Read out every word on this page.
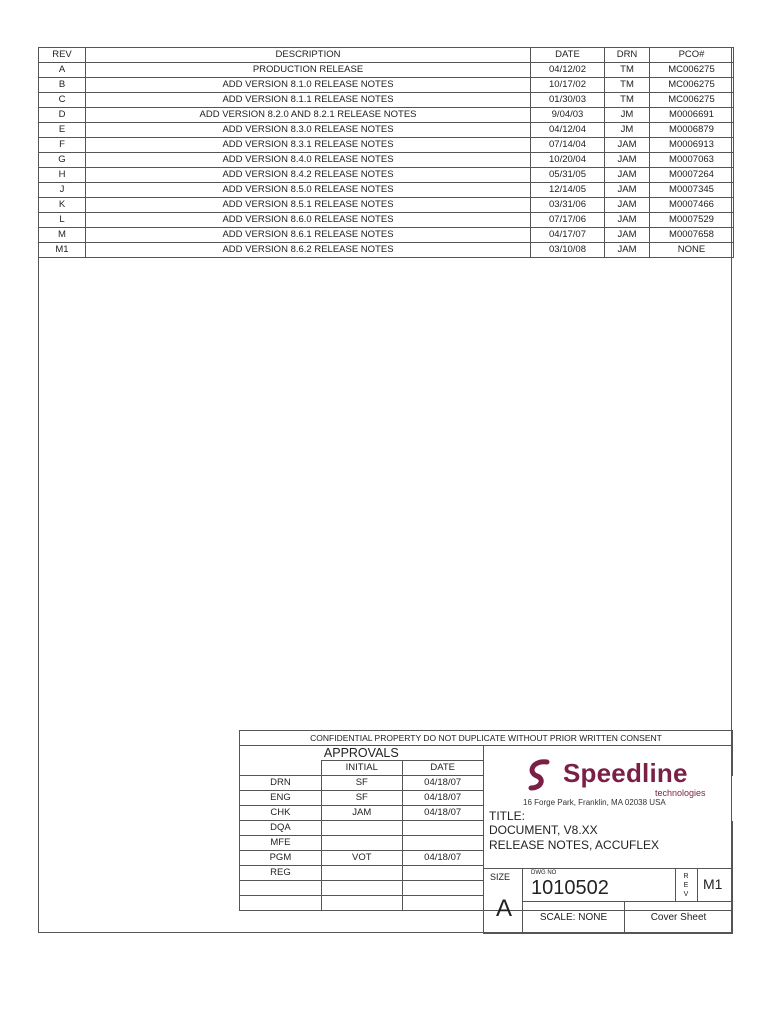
REV	DESCRIPTION	DATE	DRN	PCO#
A	PRODUCTION RELEASE	04/12/02	TM	MC006275
B	ADD VERSION 8.1.0 RELEASE NOTES	10/17/02	TM	MC006275
C	ADD VERSION 8.1.1 RELEASE NOTES	01/30/03	TM	MC006275
D	ADD VERSION 8.2.0 AND 8.2.1 RELEASE NOTES	9/04/03	JM	M0006691
E	ADD VERSION 8.3.0 RELEASE NOTES	04/12/04	JM	M0006879
F	ADD VERSION 8.3.1 RELEASE NOTES	07/14/04	JAM	M0006913
G	ADD VERSION 8.4.0 RELEASE NOTES	10/20/04	JAM	M0007063
H	ADD VERSION 8.4.2 RELEASE NOTES	05/31/05	JAM	M0007264
J	ADD VERSION 8.5.0 RELEASE NOTES	12/14/05	JAM	M0007345
K	ADD VERSION 8.5.1 RELEASE NOTES	03/31/06	JAM	M0007466
L	ADD VERSION 8.6.0 RELEASE NOTES	07/17/06	JAM	M0007529
M	ADD VERSION 8.6.1 RELEASE NOTES	04/17/07	JAM	M0007658
M1	ADD VERSION 8.6.2 RELEASE NOTES	03/10/08	JAM	NONE
CONFIDENTIAL PROPERTY DO NOT DUPLICATE WITHOUT PRIOR WRITTEN CONSENT			
APPROVALS			
	INITIAL	DATE	
DRN	SF	04/18/07	
ENG	SF	04/18/07	
CHK	JAM	04/18/07	
DQA			
MFE			
PGM	VOT	04/18/07	
REG			

Speedline
technologies
16 Forge Park, Franklin, MA 02038 USA
TITLE:
DOCUMENT, V8.XX
RELEASE NOTES, ACCUFLEX
SIZE
A
DWG NO
1010502
R E V
M1
SCALE: NONE	Cover Sheet
